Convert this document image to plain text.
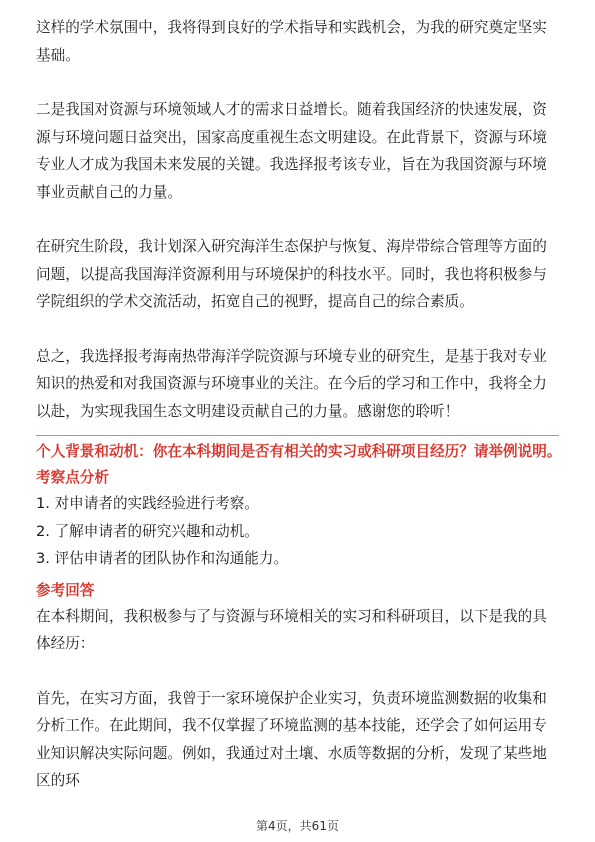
这样的学术氛围中，我将得到良好的学术指导和实践机会，为我的研究奠定坚实基础。

二是我国对资源与环境领域人才的需求日益增长。随着我国经济的快速发展，资源与环境问题日益突出，国家高度重视生态文明建设。在此背景下，资源与环境专业人才成为我国未来发展的关键。我选择报考该专业，旨在为我国资源与环境事业贡献自己的力量。

在研究生阶段，我计划深入研究海洋生态保护与恢复、海岸带综合管理等方面的问题，以提高我国海洋资源利用与环境保护的科技水平。同时，我也将积极参与学院组织的学术交流活动，拓宽自己的视野，提高自己的综合素质。

总之，我选择报考海南热带海洋学院资源与环境专业的研究生，是基于我对专业知识的热爱和对我国资源与环境事业的关注。在今后的学习和工作中，我将全力以赴，为实现我国生态文明建设贡献自己的力量。感谢您的聆听！

个人背景和动机：你在本科期间是否有相关的实习或科研项目经历？请举例说明。
考察点分析
1. 对申请者的实践经验进行考察。
2. 了解申请者的研究兴趣和动机。
3. 评估申请者的团队协作和沟通能力。
参考回答

在本科期间，我积极参与了与资源与环境相关的实习和科研项目，以下是我的具体经历：

首先，在实习方面，我曾于一家环境保护企业实习，负责环境监测数据的收集和分析工作。在此期间，我不仅掌握了环境监测的基本技能，还学会了如何运用专业知识解决实际问题。例如，我通过对土壤、水质等数据的分析，发现了某些地区的环

第4页，共61页
